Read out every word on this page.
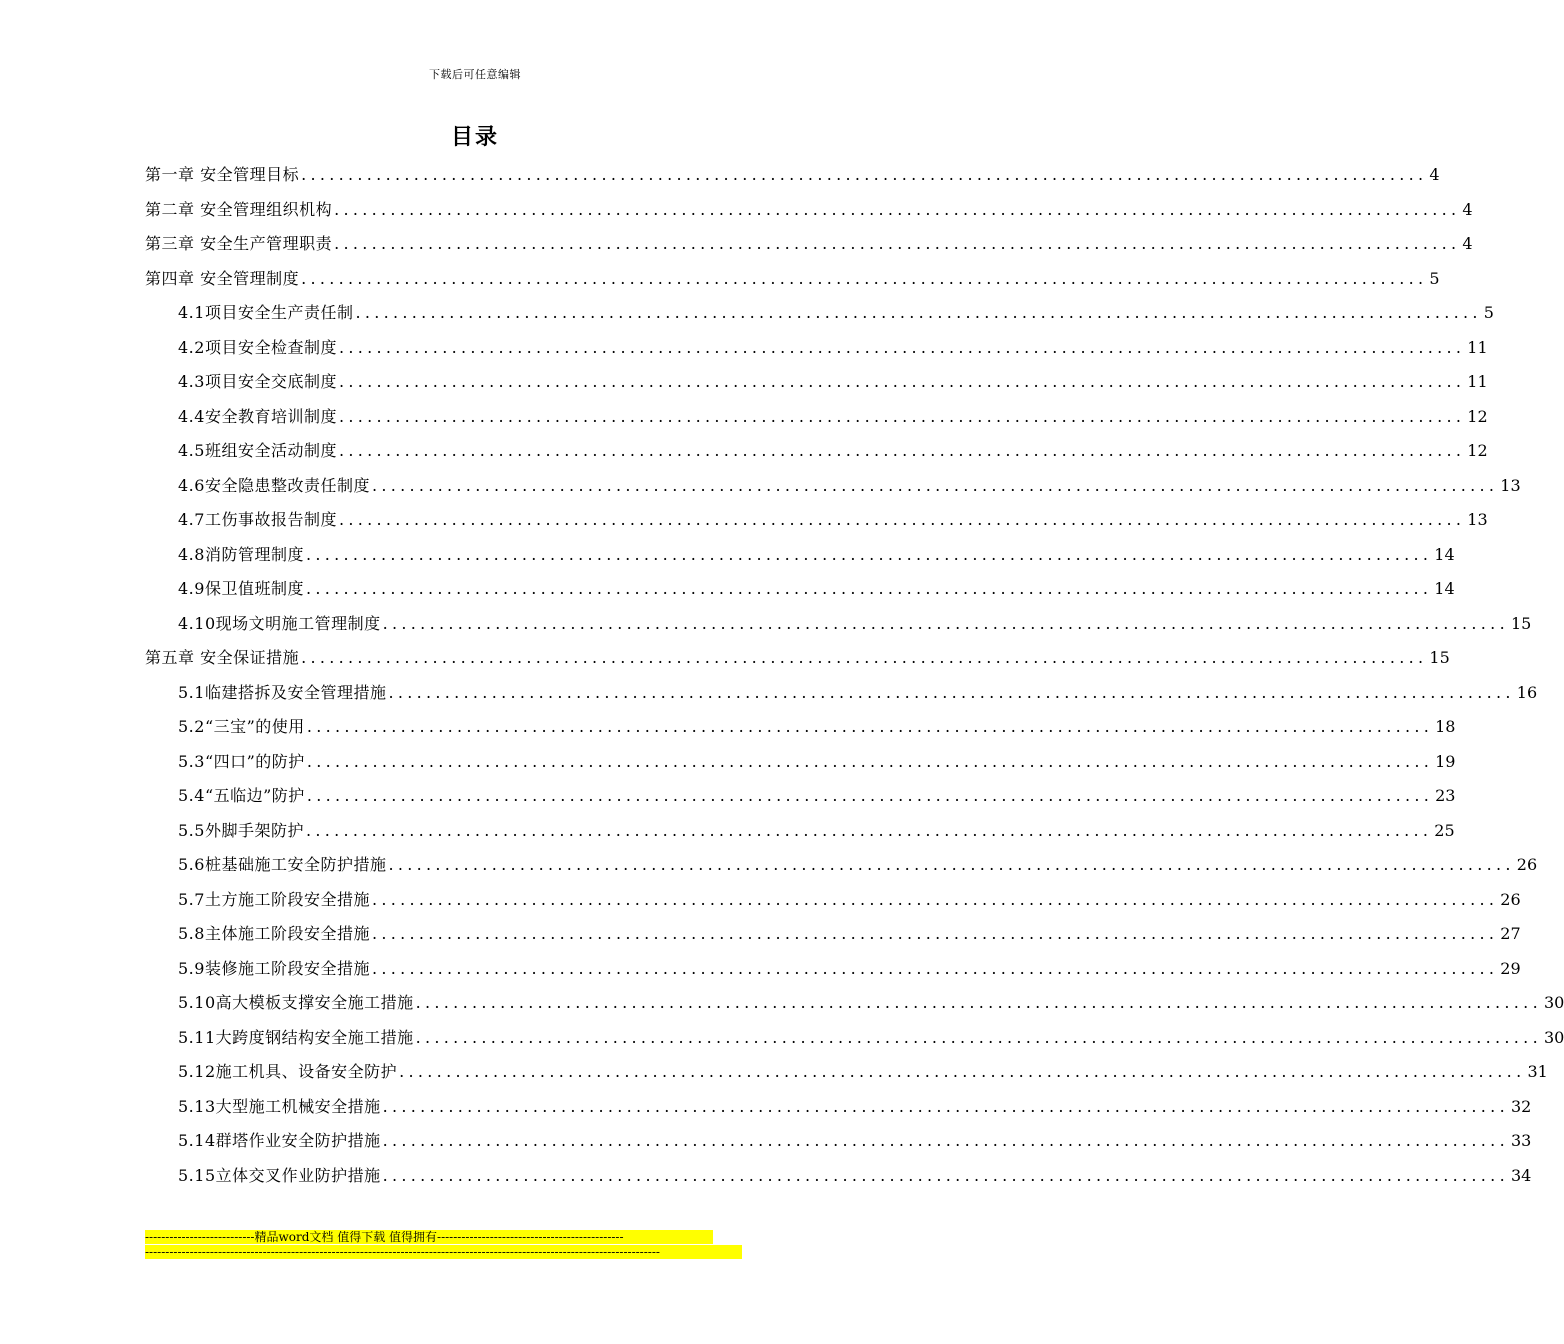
下载后可任意编辑
目录
第一章 安全管理目标 ........................................................................................................................ 4
第二章 安全管理组织机构 ........................................................................................................................ 4
第三章 安全生产管理职责 ........................................................................................................................ 4
第四章 安全管理制度 ........................................................................................................................ 5
4.1项目安全生产责任制 ........................................................................................................................ 5
4.2项目安全检查制度 ........................................................................................................................ 11
4.3项目安全交底制度 ........................................................................................................................ 11
4.4安全教育培训制度 ........................................................................................................................ 12
4.5班组安全活动制度 ........................................................................................................................ 12
4.6安全隐患整改责任制度 ........................................................................................................................ 13
4.7工伤事故报告制度 ........................................................................................................................ 13
4.8消防管理制度 ........................................................................................................................ 14
4.9保卫值班制度 ........................................................................................................................ 14
4.10现场文明施工管理制度 ........................................................................................................................ 15
第五章 安全保证措施 ........................................................................................................................ 15
5.1临建搭拆及安全管理措施 ........................................................................................................................ 16
5.2“三宝”的使用 ........................................................................................................................ 18
5.3“四口”的防护 ........................................................................................................................ 19
5.4“五临边”防护 ........................................................................................................................ 23
5.5外脚手架防护 ........................................................................................................................ 25
5.6桩基础施工安全防护措施 ........................................................................................................................ 26
5.7土方施工阶段安全措施 ........................................................................................................................ 26
5.8主体施工阶段安全措施 ........................................................................................................................ 27
5.9装修施工阶段安全措施 ........................................................................................................................ 29
5.10高大模板支撑安全施工措施 ........................................................................................................................ 30
5.11大跨度钢结构安全施工措施 ........................................................................................................................ 30
5.12施工机具、设备安全防护 ........................................................................................................................ 31
5.13大型施工机械安全措施 ........................................................................................................................ 32
5.14群塔作业安全防护措施 ........................................................................................................................ 33
5.15立体交叉作业防护措施 ........................................................................................................................ 34
---------------------------精品word文档 值得下载 值得拥有----------------------------------------------
-------------------------------------------------------------------------------------------------------------------------------
